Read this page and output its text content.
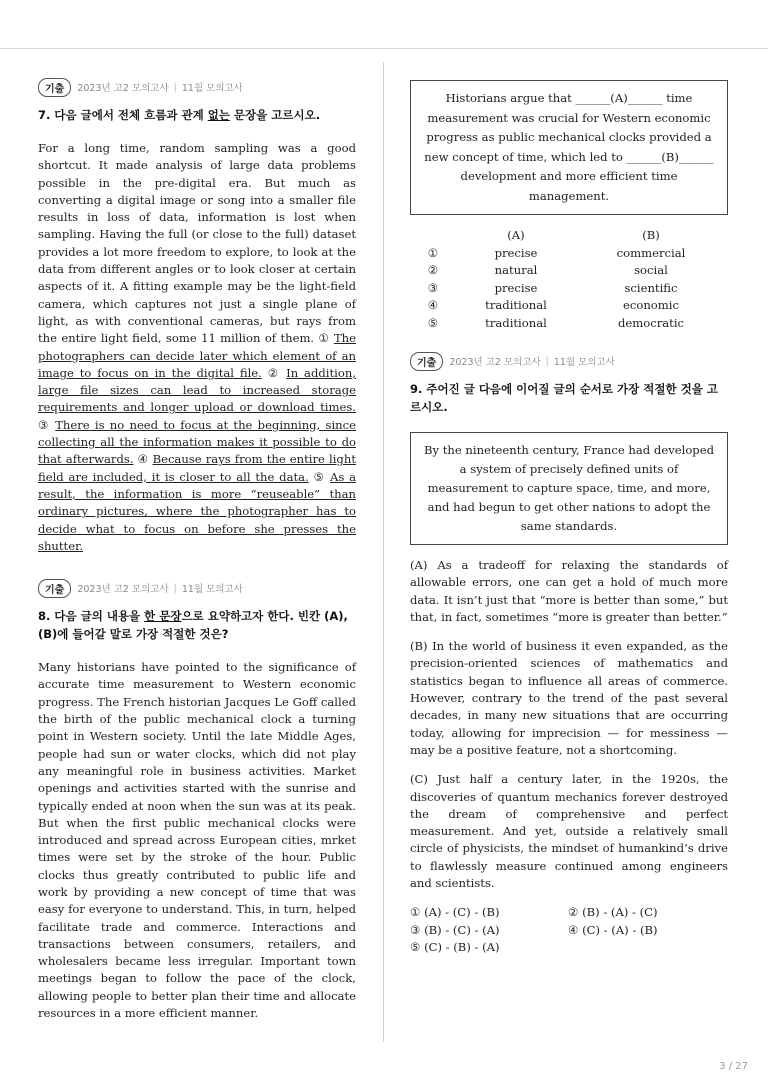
기출	2023년 고2 모의고사 | 11월 모의고사
7. 다음 글에서 전체 흐름과 관계 없는 문장을 고르시오.

For a long time, random sampling was a good shortcut. It made analysis of large data problems possible in the pre-digital era. But much as converting a digital image or song into a smaller file results in loss of data, information is lost when sampling. Having the full (or close to the full) dataset provides a lot more freedom to explore, to look at the data from different angles or to look closer at certain aspects of it. A fitting example may be the light-field camera, which captures not just a single plane of light, as with conventional cameras, but rays from the entire light field, some 11 million of them. ① The photographers can decide later which element of an image to focus on in the digital file. ② In addition, large file sizes can lead to increased storage requirements and longer upload or download times. ③ There is no need to focus at the beginning, since collecting all the information makes it possible to do that afterwards. ④ Because rays from the entire light field are included, it is closer to all the data. ⑤ As a result, the information is more “reuseable” than ordinary pictures, where the photographer has to decide what to focus on before she presses the shutter.

기출	2023년 고2 모의고사 | 11월 모의고사
8. 다음 글의 내용을 한 문장으로 요약하고자 한다. 빈칸 (A), (B)에 들어갈 말로 가장 적절한 것은?

Many historians have pointed to the significance of accurate time measurement to Western economic progress. The French historian Jacques Le Goff called the birth of the public mechanical clock a turning point in Western society. Until the late Middle Ages, people had sun or water clocks, which did not play any meaningful role in business activities. Market openings and activities started with the sunrise and typically ended at noon when the sun was at its peak. But when the first public mechanical clocks were introduced and spread across European cities, mrket times were set by the stroke of the hour. Public clocks thus greatly contributed to public life and work by providing a new concept of time that was easy for everyone to understand. This, in turn, helped facilitate trade and commerce. Interactions and transactions between consumers, retailers, and wholesalers became less irregular. Important town meetings began to follow the pace of the clock, allowing people to better plan their time and allocate resources in a more efficient manner.

Historians argue that ______(A)______ time measurement was crucial for Western economic progress as public mechanical clocks provided a new concept of time, which led to ______(B)______ development and more efficient time management.
(A)	(B)
①	precise	commercial
②	natural	social
③	precise	scientific
④	traditional	economic
⑤	traditional	democratic
기출	2023년 고2 모의고사 | 11월 모의고사
9. 주어진 글 다음에 이어질 글의 순서로 가장 적절한 것을 고르시오.
By the nineteenth century, France had developed a system of precisely defined units of measurement to capture space, time, and more, and had begun to get other nations to adopt the same standards.

(A) As a tradeoff for relaxing the standards of allowable errors, one can get a hold of much more data. It isn’t just that “more is better than some,” but that, in fact, sometimes “more is greater than better.”

(B) In the world of business it even expanded, as the precision-oriented sciences of mathematics and statistics began to influence all areas of commerce. However, contrary to the trend of the past several decades, in many new situations that are occurring today, allowing for imprecision — for messiness — may be a positive feature, not a shortcoming.

(C) Just half a century later, in the 1920s, the discoveries of quantum mechanics forever destroyed the dream of comprehensive and perfect measurement. And yet, outside a relatively small circle of physicists, the mindset of humankind’s drive to flawlessly measure continued among engineers and scientists.

① (A) - (C) - (B)	② (B) - (A) - (C)
③ (B) - (C) - (A)	④ (C) - (A) - (B)
⑤ (C) - (B) - (A)
3 / 27
